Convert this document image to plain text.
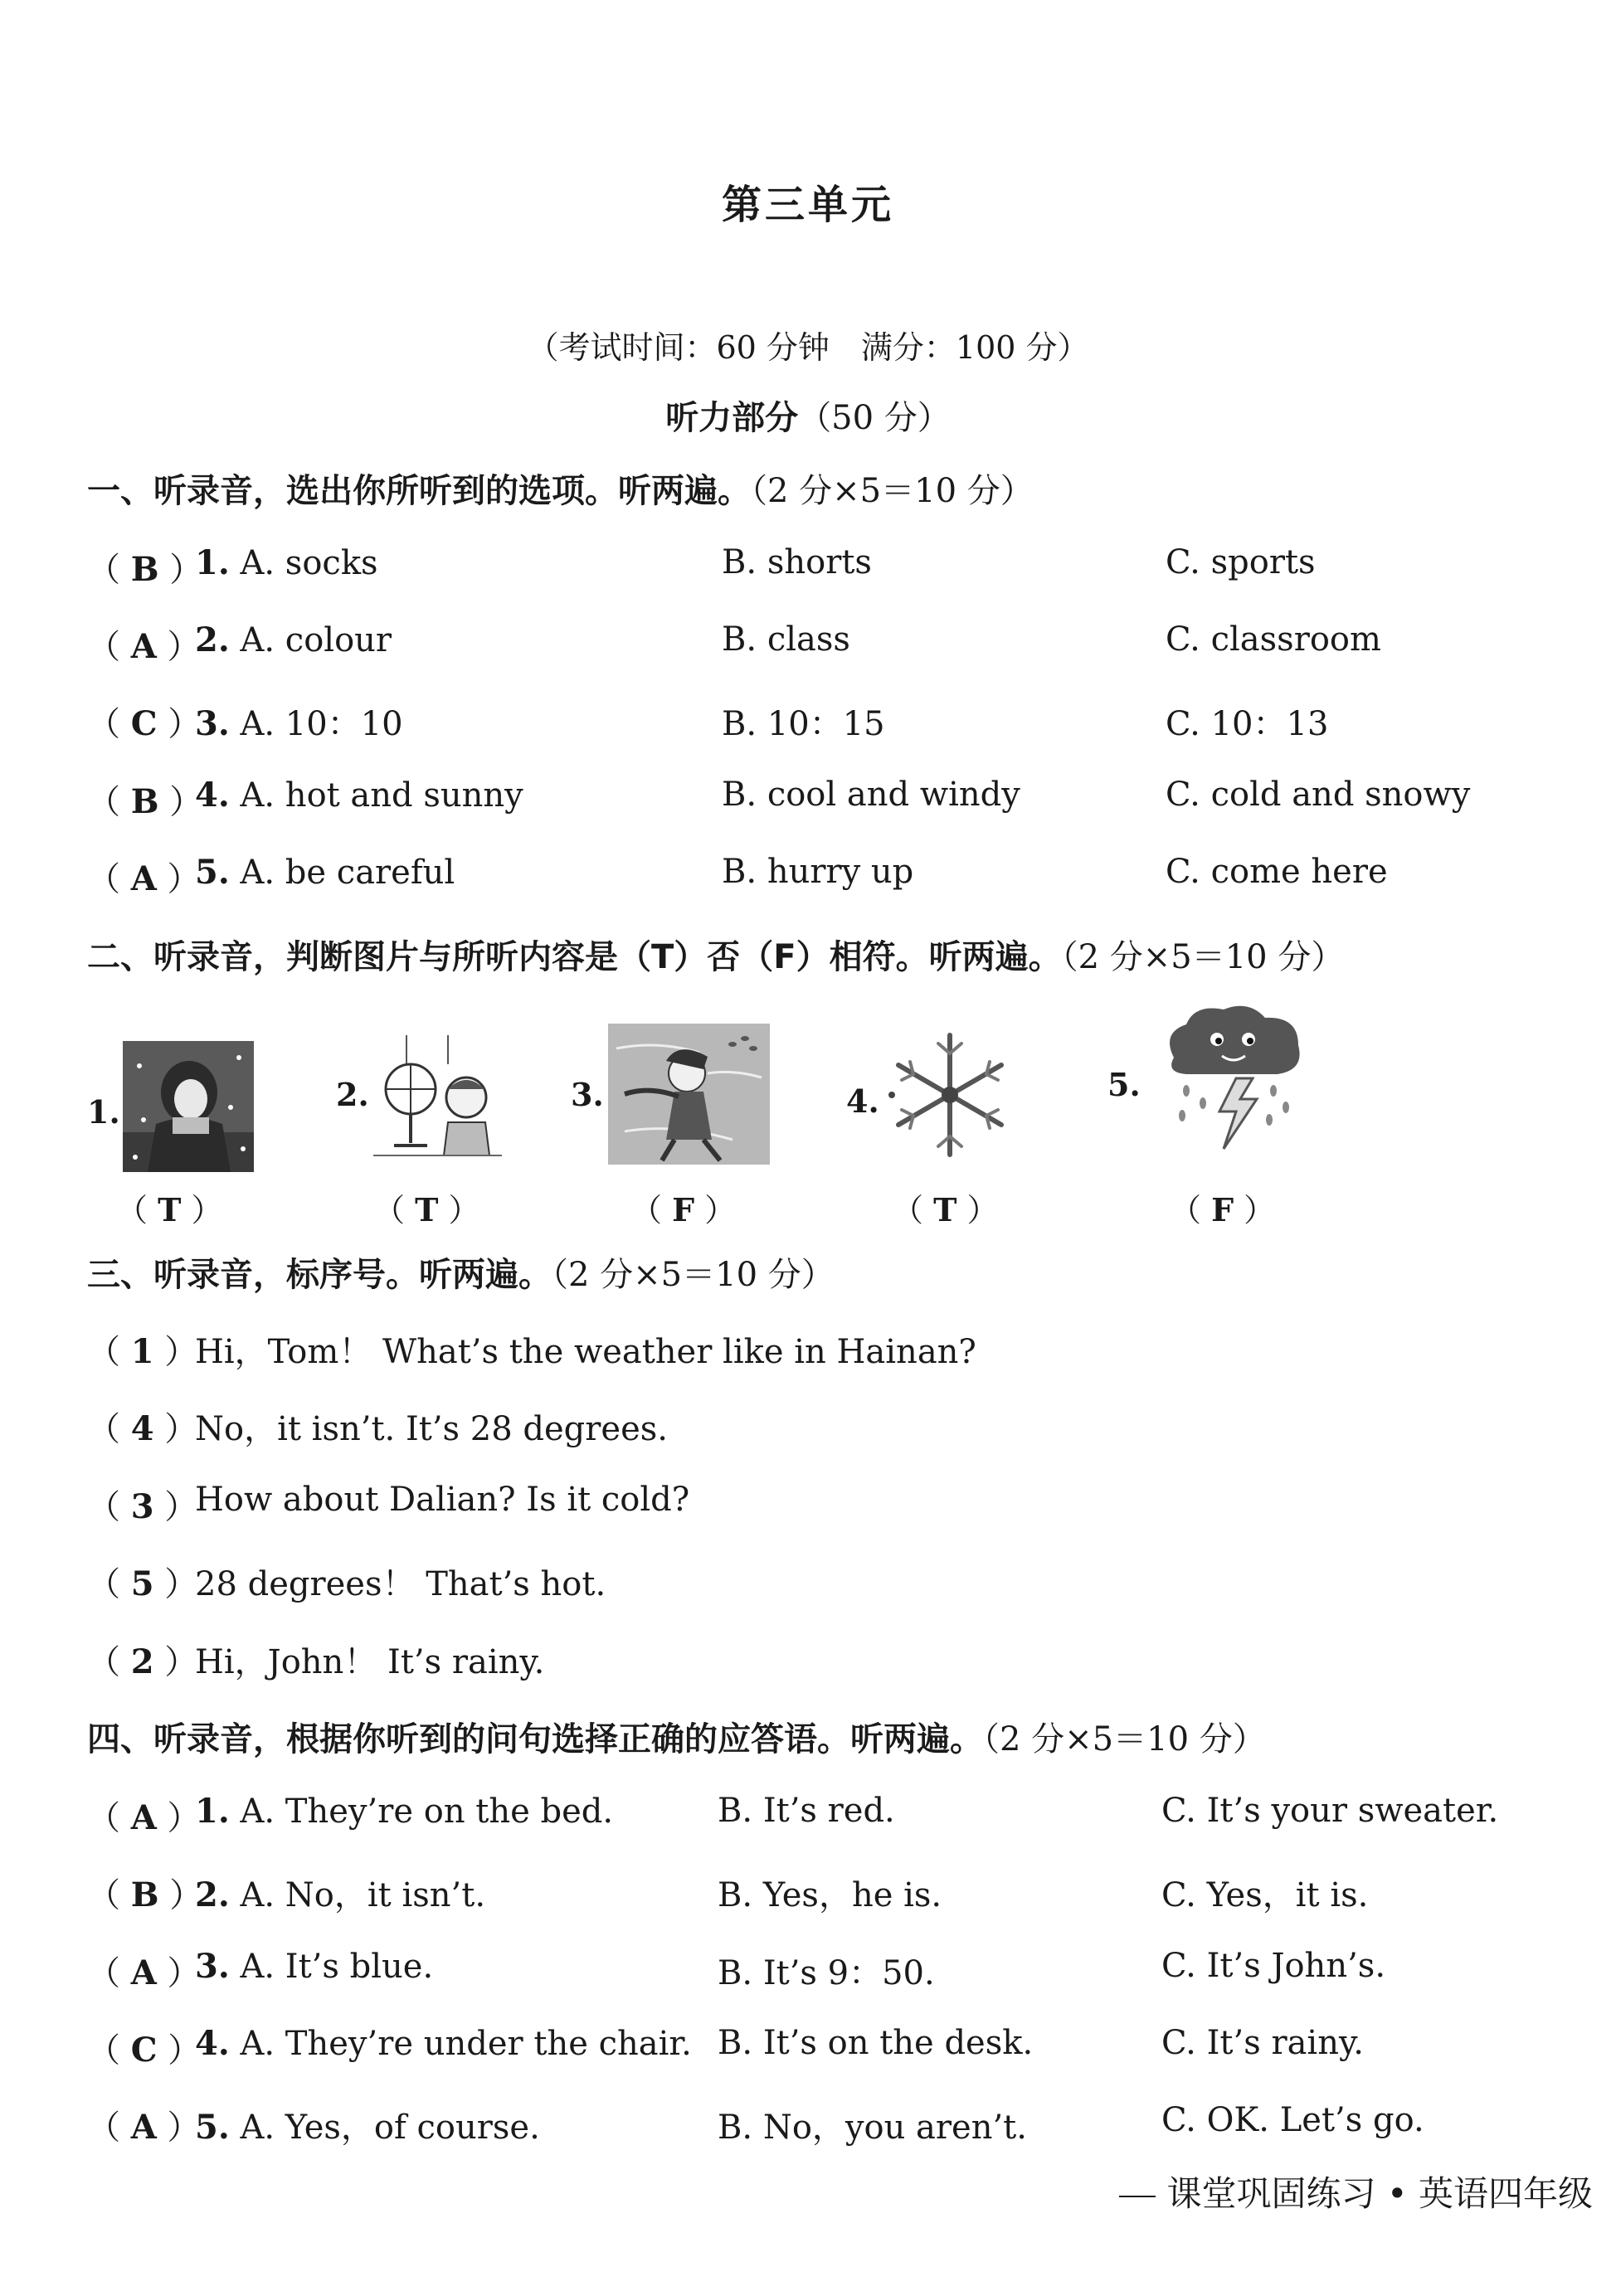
第三单元
（考试时间：60 分钟　满分：100 分）
听力部分（50 分）
一、听录音，选出你所听到的选项。听两遍。（2 分×5＝10 分）
（ B ）
1. A. socks	B. shorts	C. sports
（ A ）
2. A. colour	B. class	C. classroom
（ C ）
3. A. 10：10	B. 10：15	C. 10：13
（ B ）
4. A. hot and sunny	B. cool and windy	C. cold and snowy
（ A ）
5. A. be careful	B. hurry up	C. come here
二、听录音，判断图片与所听内容是（T）否（F）相符。听两遍。（2 分×5＝10 分）
1.
（ T ）
2.
（ T ）
3.
（ F ）
4.
（ T ）
5.
（ F ）
三、听录音，标序号。听两遍。（2 分×5＝10 分）
（ 1 ）
Hi，Tom！ What’s the weather like in Hainan?
（ 4 ）
No，it isn’t. It’s 28 degrees.
（ 3 ）
How about Dalian? Is it cold?
（ 5 ）
28 degrees！ That’s hot.
（ 2 ）
Hi，John！ It’s rainy.
四、听录音，根据你听到的问句选择正确的应答语。听两遍。（2 分×5＝10 分）
（ A ）
1. A. They’re on the bed.	B. It’s red.	C. It’s your sweater.
（ B ）
2. A. No，it isn’t.	B. Yes，he is.	C. Yes，it is.
（ A ）
3. A. It’s blue.	B. It’s 9：50.	C. It’s John’s.
（ C ）
4. A. They’re under the chair. B. It’s on the desk.	C. It’s rainy.
（ A ）
5. A. Yes，of course.	B. No，you aren’t.	C. OK. Let’s go.
课堂巩固练习 • 英语四年级
